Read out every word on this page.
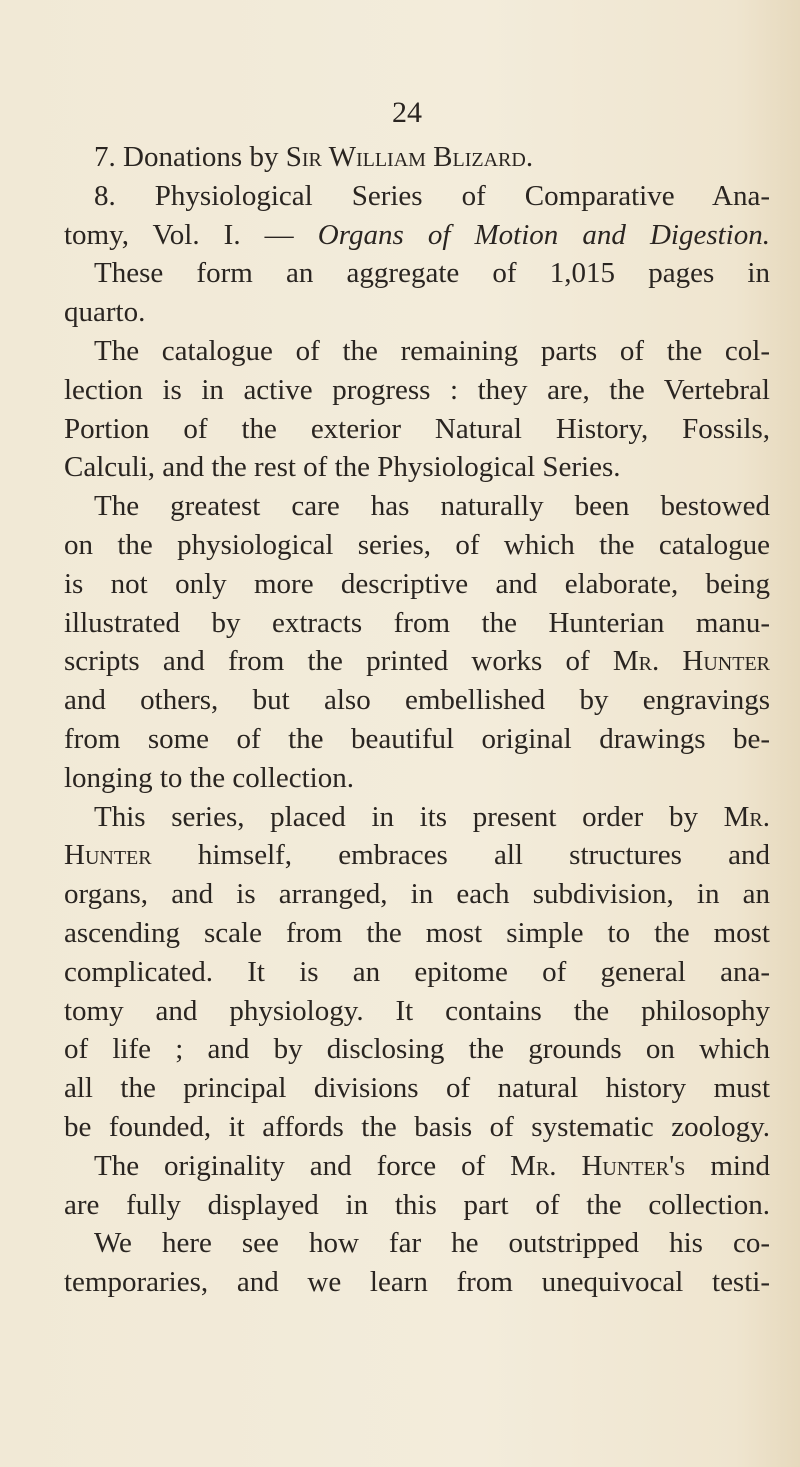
24
7. Donations by Sir William Blizard.
8. Physiological Series of Comparative Ana-
tomy, Vol. I. — Organs of Motion and Digestion.
These form an aggregate of 1,015 pages in
quarto.
The catalogue of the remaining parts of the col-
lection is in active progress : they are, the Vertebral
Portion of the exterior Natural History, Fossils,
Calculi, and the rest of the Physiological Series.
The greatest care has naturally been bestowed
on the physiological series, of which the catalogue
is not only more descriptive and elaborate, being
illustrated by extracts from the Hunterian manu-
scripts and from the printed works of Mr. Hunter
and others, but also embellished by engravings
from some of the beautiful original drawings be-
longing to the collection.
This series, placed in its present order by Mr.
Hunter himself, embraces all structures and
organs, and is arranged, in each subdivision, in an
ascending scale from the most simple to the most
complicated. It is an epitome of general ana-
tomy and physiology. It contains the philosophy
of life ; and by disclosing the grounds on which
all the principal divisions of natural history must
be founded, it affords the basis of systematic zoology.
The originality and force of Mr. Hunter's mind
are fully displayed in this part of the collection.
We here see how far he outstripped his co-
temporaries, and we learn from unequivocal testi-
